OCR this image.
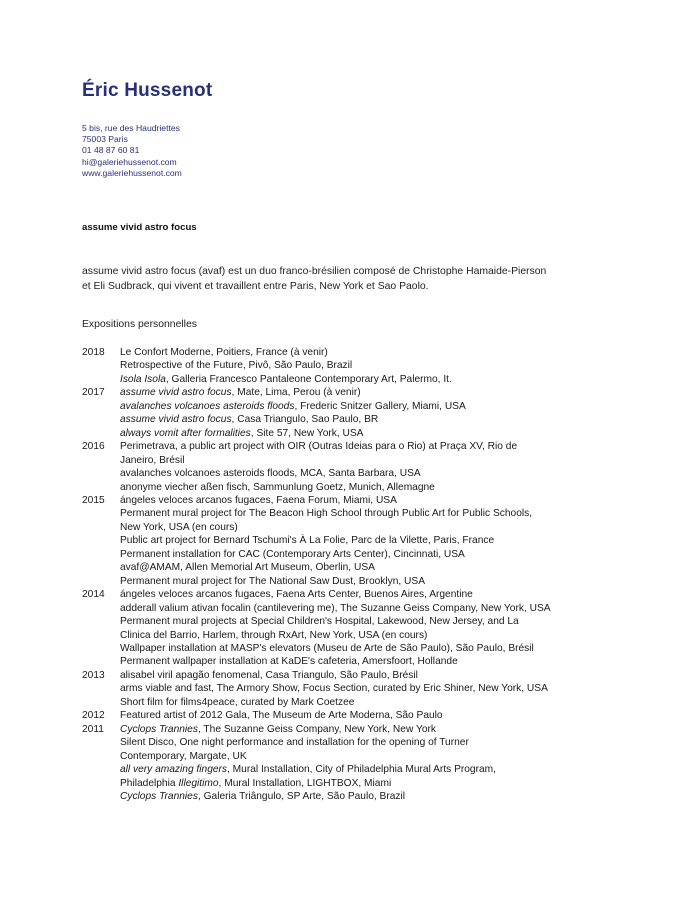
Éric Hussenot
5 bis, rue des Haudriettes
75003 Paris
01 48 87 60 81
hi@galeriehussenot.com
www.galeriehussenot.com
assume vivid astro focus

assume vivid astro focus (avaf) est un duo franco-brésilien composé de Christophe Hamaide-Pierson

et Eli Sudbrack, qui vivent et travaillent entre Paris, New York et Sao Paolo.

Expositions personnelles
2018	Le Confort Moderne, Poitiers, France (à venir)
Retrospective of the Future, Pivô, São Paulo, Brazil
Isola Isola, Galleria Francesco Pantaleone Contemporary Art, Palermo, It.
2017	assume vivid astro focus, Mate, Lima, Perou (à venir)
avalanches volcanoes asteroids floods, Frederic Snitzer Gallery, Miami, USA
assume vivid astro focus, Casa Triangulo, Sao Paulo, BR
always vomit after formalities, Site 57, New York, USA
2016	Perimetrava, a public art project with OIR (Outras Ideias para o Rio) at Praça XV, Rio de
Janeiro, Brésil
avalanches volcanoes asteroids floods, MCA, Santa Barbara, USA
anonyme viecher aßen fisch, Sammunlung Goetz, Munich, Allemagne
2015	ángeles veloces arcanos fugaces, Faena Forum, Miami, USA
Permanent mural project for The Beacon High School through Public Art for Public Schools,
New York, USA (en cours)
Public art project for Bernard Tschumi's À La Folie, Parc de la Vilette, Paris, France
Permanent installation for CAC (Contemporary Arts Center), Cincinnati, USA
avaf@AMAM, Allen Memorial Art Museum, Oberlin, USA
Permanent mural project for The National Saw Dust, Brooklyn, USA
2014	ángeles veloces arcanos fugaces, Faena Arts Center, Buenos Aires, Argentine
adderall valium ativan focalin (cantilevering me), The Suzanne Geiss Company, New York, USA
Permanent mural projects at Special Children's Hospital, Lakewood, New Jersey, and La
Clinica del Barrio, Harlem, through RxArt, New York, USA (en cours)
Wallpaper installation at MASP's elevators (Museu de Arte de São Paulo), São Paulo, Brésil
Permanent wallpaper installation at KaDE's cafeteria, Amersfoort, Hollande
2013	alisabel viril apagão fenomenal, Casa Triangulo, São Paulo, Brésil
arms viable and fast, The Armory Show, Focus Section, curated by Eric Shiner, New York, USA
Short film for films4peace, curated by Mark Coetzee
2012	Featured artist of 2012 Gala, The Museum de Arte Moderna, São Paulo
2011	Cyclops Trannies, The Suzanne Geiss Company, New York, New York
Silent Disco, One night performance and installation for the opening of Turner
Contemporary, Margate, UK
all very amazing fingers, Mural Installation, City of Philadelphia Mural Arts Program,
Philadelphia Illegitimo, Mural Installation, LIGHTBOX, Miami
Cyclops Trannies, Galeria Triângulo, SP Arte, São Paulo, Brazil
